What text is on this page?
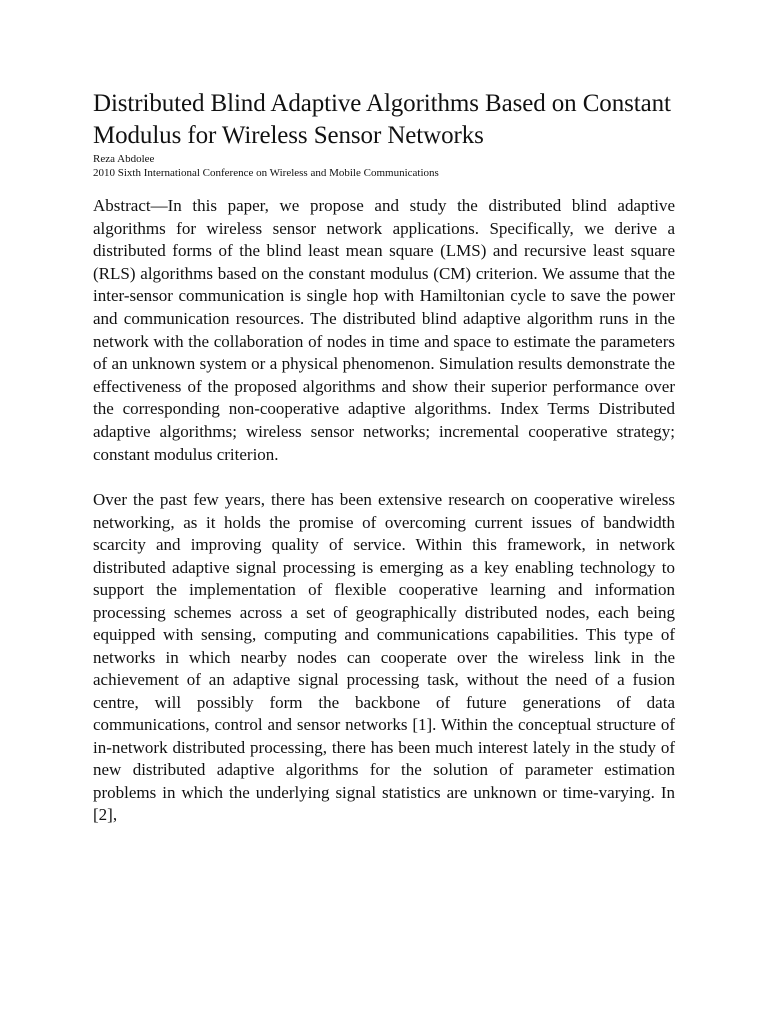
Distributed Blind Adaptive Algorithms Based on Constant Modulus for Wireless Sensor Networks

Reza Abdolee

2010 Sixth International Conference on Wireless and Mobile Communications

Abstract—In this paper, we propose and study the distributed blind adaptive algorithms for wireless sensor network applications. Specifically, we derive a distributed forms of the blind least mean square (LMS) and recursive least square (RLS) algorithms based on the constant modulus (CM) criterion. We assume that the inter-sensor communication is single hop with Hamiltonian cycle to save the power and communication resources. The distributed blind adaptive algorithm runs in the network with the collaboration of nodes in time and space to estimate the parameters of an unknown system or a physical phenomenon. Simulation results demonstrate the effectiveness of the proposed algorithms and show their superior performance over the corresponding non-cooperative adaptive algorithms. Index Terms Distributed adaptive algorithms; wireless sensor networks; incremental cooperative strategy; constant modulus criterion.

Over the past few years, there has been extensive research on cooperative wireless networking, as it holds the promise of overcoming current issues of bandwidth scarcity and improving quality of service. Within this framework, in network distributed adaptive signal processing is emerging as a key enabling technology to support the implementation of flexible cooperative learning and information processing schemes across a set of geographically distributed nodes, each being equipped with sensing, computing and communications capabilities. This type of networks in which nearby nodes can cooperate over the wireless link in the achievement of an adaptive signal processing task, without the need of a fusion centre, will possibly form the backbone of future generations of data communications, control and sensor networks [1]. Within the conceptual structure of in-network distributed processing, there has been much interest lately in the study of new distributed adaptive algorithms for the solution of parameter estimation problems in which the underlying signal statistics are unknown or time-varying. In [2],
